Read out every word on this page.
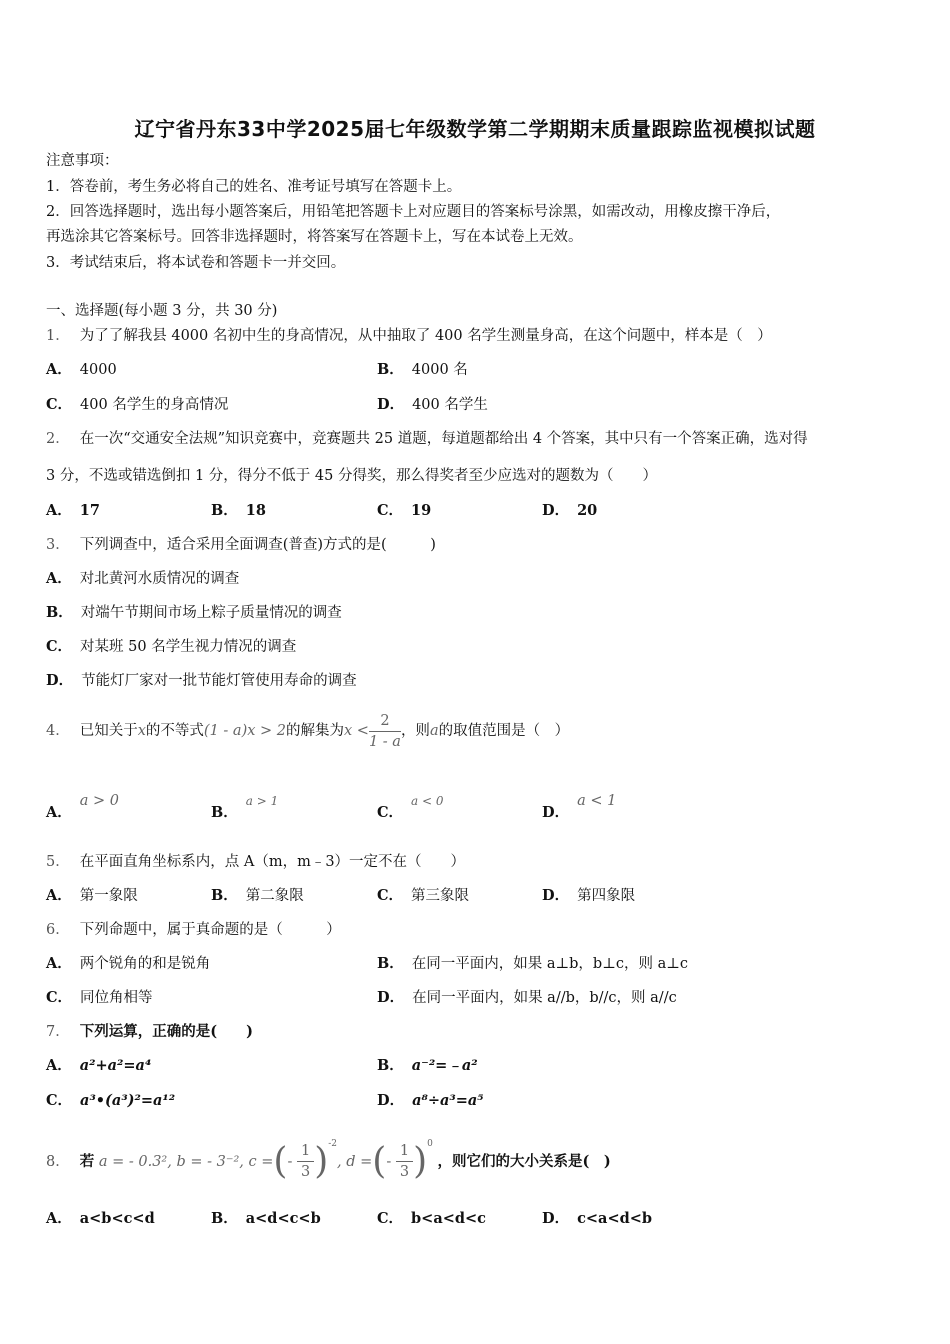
辽宁省丹东33中学2025届七年级数学第二学期期末质量跟踪监视模拟试题
注意事项：
1．答卷前，考生务必将自己的姓名、准考证号填写在答题卡上。
2．回答选择题时，选出每小题答案后，用铅笔把答题卡上对应题目的答案标号涂黑，如需改动，用橡皮擦干净后，
再选涂其它答案标号。回答非选择题时，将答案写在答题卡上，写在本试卷上无效。
3．考试结束后，将本试卷和答题卡一并交回。
一、选择题(每小题 3 分，共 30 分)
1． 为了了解我县 4000 名初中生的身高情况，从中抽取了 400 名学生测量身高，在这个问题中，样本是（　）
A． 4000	B． 4000 名
C． 400 名学生的身高情况	D． 400 名学生
2． 在一次“交通安全法规”知识竞赛中，竞赛题共 25 道题，每道题都给出 4 个答案，其中只有一个答案正确，选对得
3 分，不选或错选倒扣 1 分，得分不低于 45 分得奖，那么得奖者至少应选对的题数为（　　）
A． 17	B． 18	C． 19	D． 20
3． 下列调查中，适合采用全面调查(普查)方式的是(　　　)
A． 对北黄河水质情况的调查
B． 对端午节期间市场上粽子质量情况的调查
C． 对某班 50 名学生视力情况的调查
D． 节能灯厂家对一批节能灯管使用寿命的调查
4． 已知关于x的不等式(1 - a)x > 2的解集为$x < \frac{2}{1 - a}$ ，则a的取值范围是（　）
A．a > 0
B．a > 1
C．a < 0
D．a < 1
5． 在平面直角坐标系内，点 A（m，m﹣3）一定不在（　　）
A． 第一象限	B． 第二象限	C． 第三象限	D． 第四象限
6． 下列命题中，属于真命题的是（　　　）
A． 两个锐角的和是锐角	B． 在同一平面内，如果 a⊥b，b⊥c，则 a⊥c
C． 同位角相等	D． 在同一平面内，如果 a//b，b//c，则 a//c
7． 下列运算，正确的是(　　)
A． a²+a²=a⁴	B． a⁻²=﹣a²
C． a³•(a³)²=a¹²	D． a⁸÷a³=a⁵
8． 若 a = - 0.3², b = - 3⁻², c =(- $\frac{1}{3} )^{-2}$, d =(- $\frac{1}{3} )^0$ ，则它们的大小关系是(　)
A． a<b<c<d	B． a<d<c<b	C． b<a<d<c	D． c<a<d<b
